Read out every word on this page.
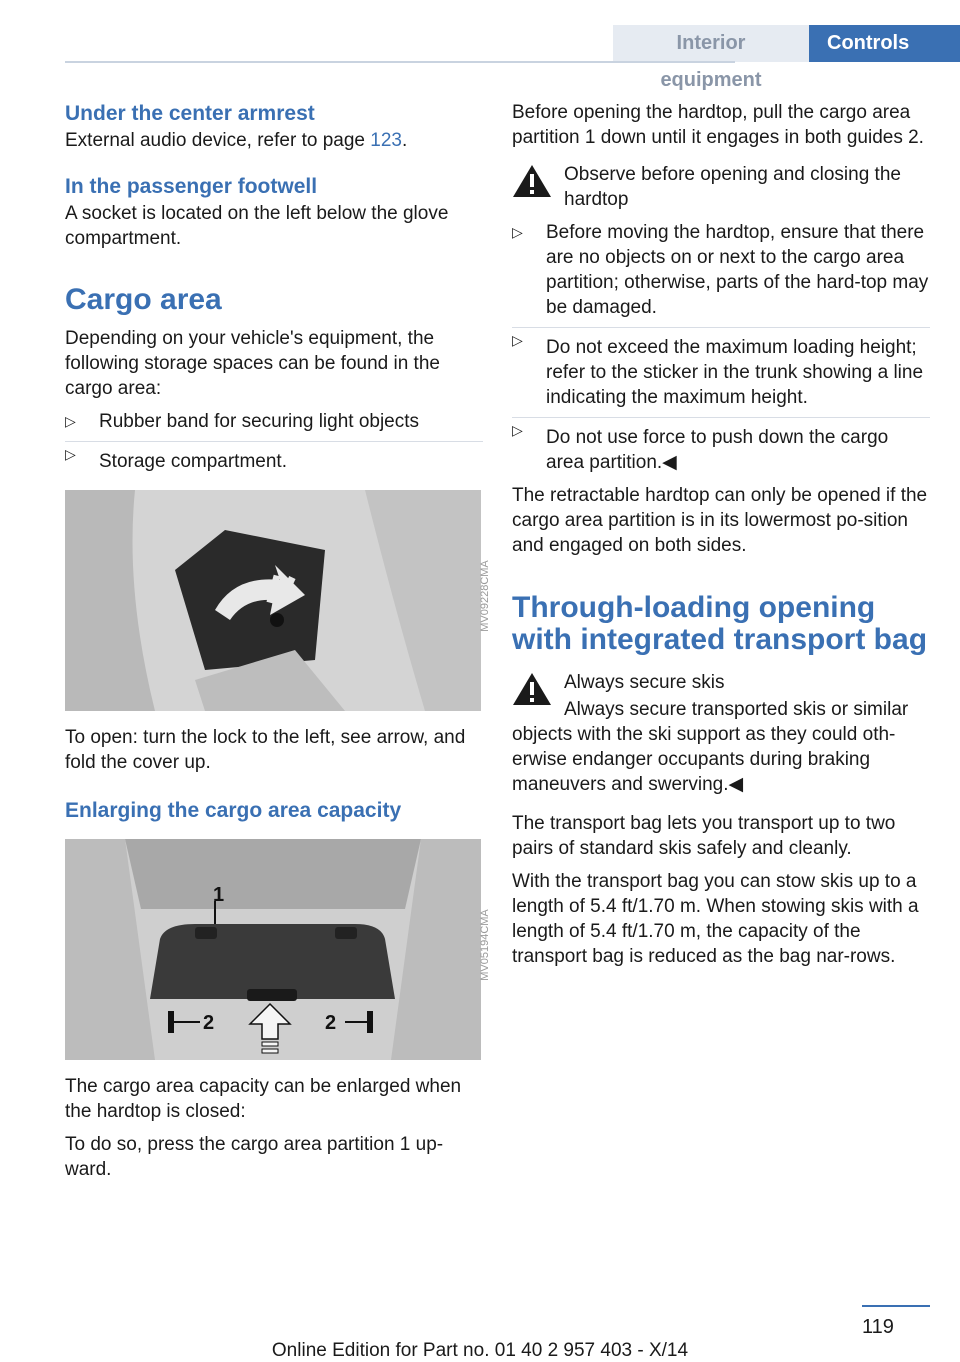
Interior equipment
Controls
Under the center armrest

External audio device, refer to page 123.

In the passenger footwell

A socket is located on the left below the glove compartment.

Cargo area

Depending on your vehicle's equipment, the following storage spaces can be found in the cargo area:

▷ Rubber band for securing light objects
▷ Storage compartment.
MV09228CMA

To open: turn the lock to the left, see arrow, and fold the cover up.

Enlarging the cargo area capacity
1
2	2
MV05194CMA

The cargo area capacity can be enlarged when the hardtop is closed:

To do so, press the cargo area partition 1 up-ward.

Before opening the hardtop, pull the cargo area partition 1 down until it engages in both guides 2.

Observe before opening and closing the hardtop

▷ Before moving the hardtop, ensure that there are no objects on or next to the cargo area partition; otherwise, parts of the hard-top may be damaged.
▷ Do not exceed the maximum loading height; refer to the sticker in the trunk showing a line indicating the maximum height.
▷ Do not use force to push down the cargo area partition.◀

The retractable hardtop can only be opened if the cargo area partition is in its lowermost po-sition and engaged on both sides.

Through-loading opening with integrated transport bag

Always secure skis

Always secure transported skis or similar

objects with the ski support as they could oth-erwise endanger occupants during braking maneuvers and swerving.◀

The transport bag lets you transport up to two pairs of standard skis safely and cleanly.

With the transport bag you can stow skis up to a length of 5.4 ft/1.70 m. When stowing skis with a length of 5.4 ft/1.70 m, the capacity of the transport bag is reduced as the bag nar-rows.

119
Online Edition for Part no. 01 40 2 957 403 - X/14
